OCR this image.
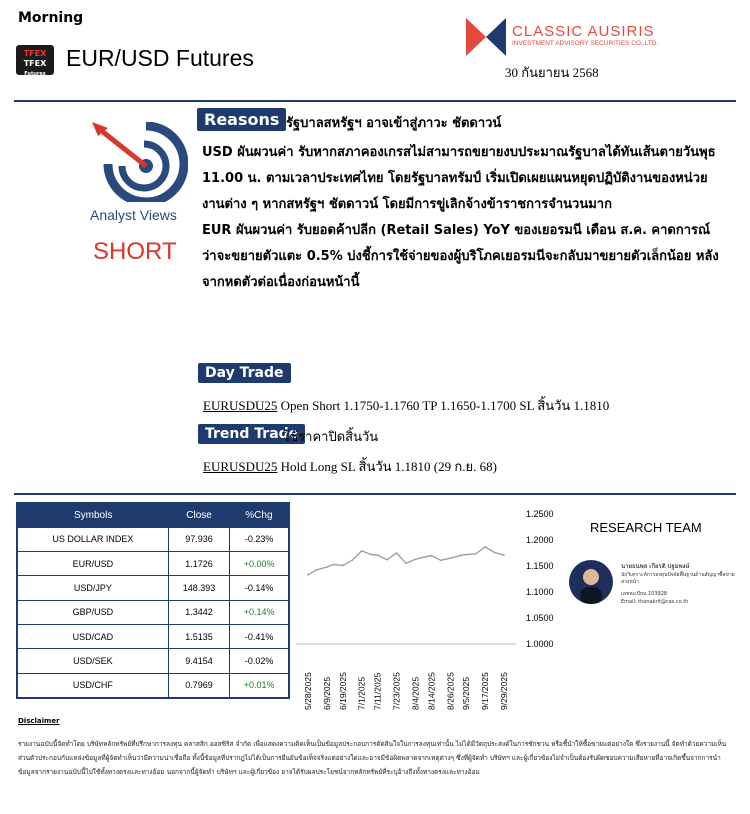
Morning
TFEX
TFEX
Futures
EUR/USD Futures
CLASSIC AUSIRIS
INVESTMENT ADVISORY SECURITIES CO.,LTD.
30 กันยายน 2568
Analyst Views
SHORT
Reasons รัฐบาลสหรัฐฯ อาจเข้าสู่ภาวะ ชัตดาวน์

USD ผันผวนค่า รับหากสภาคองเกรสไม่สามารถขยายงบประมาณรัฐบาลได้ทันเส้นตายวันพุธ 11.00 น. ตามเวลาประเทศไทย โดยรัฐบาลทรัมป์ เริ่มเปิดเผยแผนหยุดปฏิบัติงานของหน่วยงานต่าง ๆ หากสหรัฐฯ ชัตดาวน์ โดยมีการขู่เลิกจ้างข้าราชการจำนวนมาก

EUR ผันผวนค่า รับยอดค้าปลีก (Retail Sales) YoY ของเยอรมนี เดือน ส.ค. คาดการณ์ว่าจะขยายตัวแตะ 0.5% บ่งชี้การใช้จ่ายของผู้บริโภคเยอรมนีจะกลับมาขยายตัวเล็กน้อย หลังจากหดตัวต่อเนื่องก่อนหน้านี้

Day Trade
EURUSDU25 Open Short 1.1750-1.1760 TP 1.1650-1.1700 SL สิ้นวัน 1.1810
Trend Trade
ใช้ราคาปิดสิ้นวัน
EURUSDU25 Hold Long SL สิ้นวัน 1.1810 (29 ก.ย. 68)
Symbols	Close	%Chg
US DOLLAR INDEX	97.936	-0.23%
EUR/USD	1.1726	+0.00%
USD/JPY	148.393	-0.14%
GBP/USD	1.3442	+0.14%
USD/CAD	1.5135	-0.41%
USD/SEK	9.4154	-0.02%
USD/CHF	0.7969	+0.01%
1.2500
1.2000
1.1500
1.1000
1.0500
1.0000
5/28/2025 6/9/2025 6/19/2025 7/1/2025 7/11/2025 7/23/2025 8/4/2025 8/14/2025 8/26/2025 9/5/2025 9/17/2025 9/29/2025
RESEARCH TEAM
นายธนพล เกียรติ ปฐมพงษ์
นักวิเคราะห์การลงทุนปัจจัยพื้นฐานด้านสัญญาซื้อขายล่วงหน้า
เลขทะเบียน 103928
Email: thanakrit@cas.co.th
Disclaimer
รายงานฉบับนี้จัดทำโดย บริษัทหลักทรัพย์ที่ปรึกษาการลงทุน คลาสสิก ออสซิริส จำกัด เพื่อแสดงความคิดเห็นเป็นข้อมูลประกอบการตัดสินใจในการลงทุนเท่านั้น ไม่ได้มีวัตถุประสงค์ในการชักชวน หรือชี้นำให้ซื้อขายแต่อย่างใด ซึ่งรายงานนี้ จัดทำด้วยความเห็นส่วนตัวประกอบกับแหล่งข้อมูลที่ผู้จัดทำเห็นว่ามีความน่าเชื่อถือ ทั้งนี้ข้อมูลที่ปรากฏไม่ได้เป็นการยืนยันข้อเท็จจริงแต่อย่างใดและอาจมีข้อผิดพลาดจากเหตุต่างๆ ซึ่งที่ผู้จัดทำ บริษัทฯ และผู้เกี่ยวข้องไม่จำเป็นต้องรับผิดชอบความเสียหายที่อาจเกิดขึ้นจากการนำข้อมูลจากรายงานฉบับนี้ไปใช้ทั้งทางตรงและทางอ้อม นอกจากนี้ผู้จัดทำ บริษัทฯ และผู้เกี่ยวข้อง อาจได้รับผลประโยชน์จากหลักทรัพย์ที่ระบุอ้างถึงทั้งทางตรงและทางอ้อม
